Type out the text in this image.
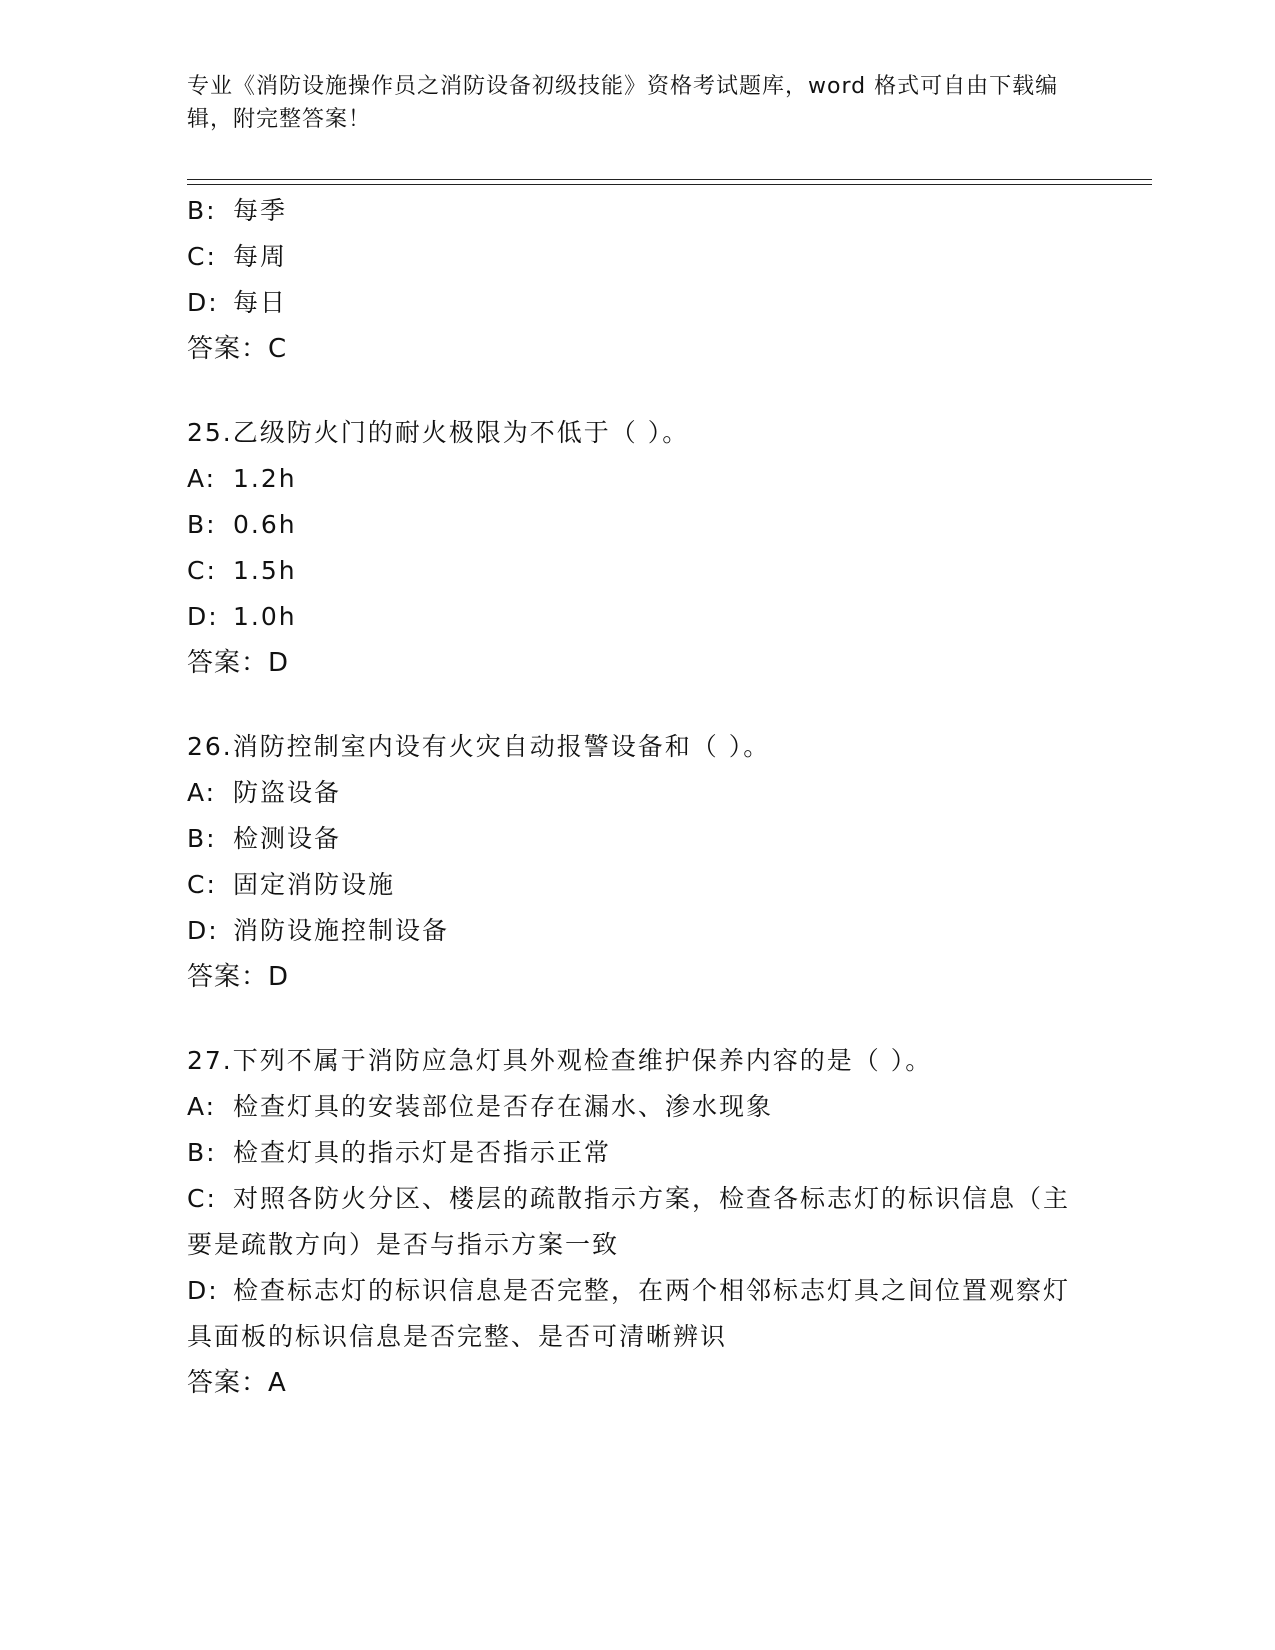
专业《消防设施操作员之消防设备初级技能》资格考试题库，word 格式可自由下载编辑，附完整答案！
B: 每季
C: 每周
D: 每日
答案：C
25.乙级防火门的耐火极限为不低于（ ）。
A: 1.2h
B: 0.6h
C: 1.5h
D: 1.0h
答案：D
26.消防控制室内设有火灾自动报警设备和（ ）。
A: 防盗设备
B: 检测设备
C: 固定消防设施
D: 消防设施控制设备
答案：D
27.下列不属于消防应急灯具外观检查维护保养内容的是（ ）。
A: 检查灯具的安装部位是否存在漏水、渗水现象
B: 检查灯具的指示灯是否指示正常
C: 对照各防火分区、楼层的疏散指示方案，检查各标志灯的标识信息（主要是疏散方向）是否与指示方案一致
D: 检查标志灯的标识信息是否完整，在两个相邻标志灯具之间位置观察灯具面板的标识信息是否完整、是否可清晰辨识
答案：A
